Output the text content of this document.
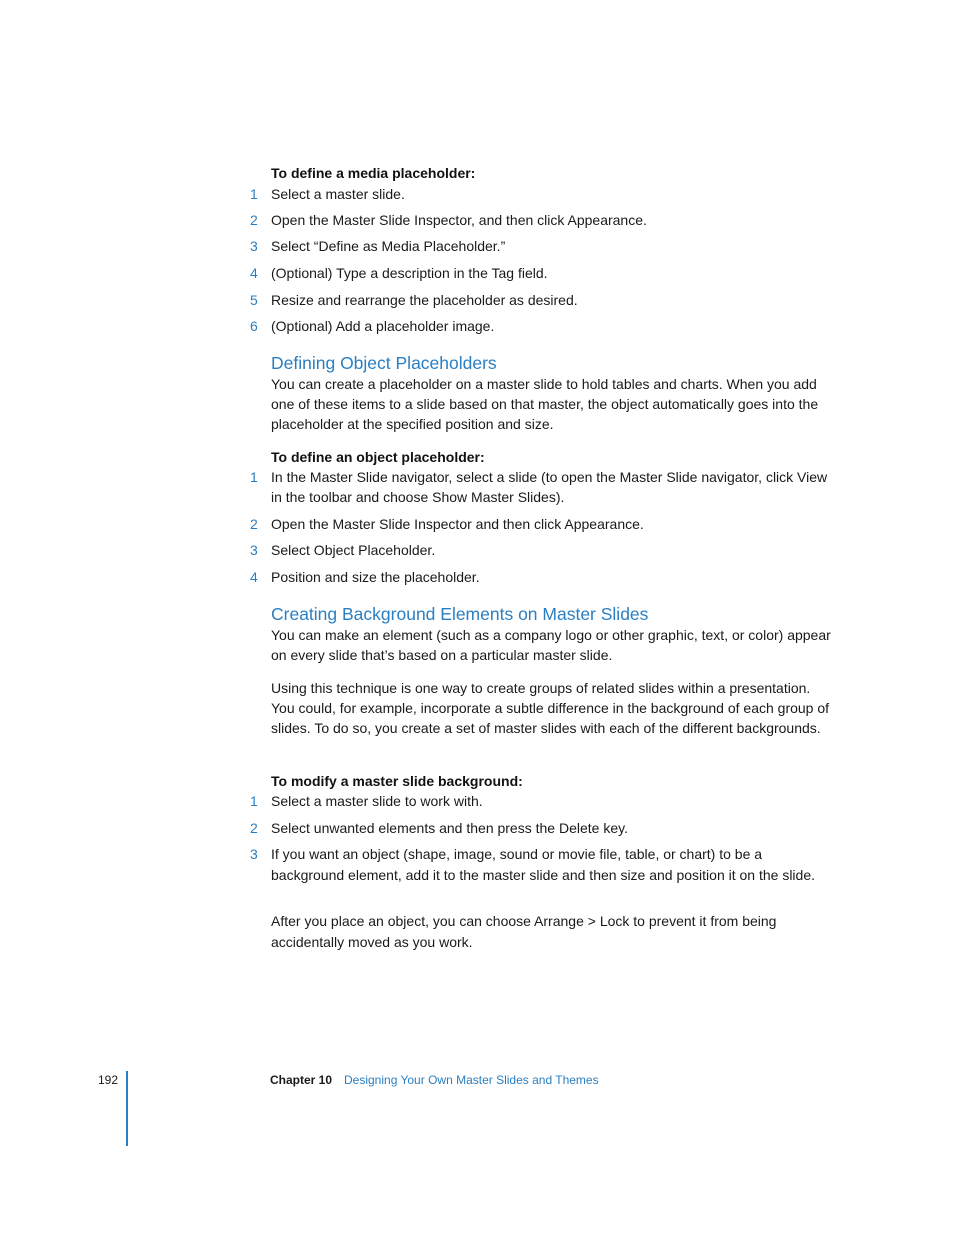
To define a media placeholder:
1 Select a master slide.
2 Open the Master Slide Inspector, and then click Appearance.
3 Select “Define as Media Placeholder.”
4 (Optional) Type a description in the Tag field.
5 Resize and rearrange the placeholder as desired.
6 (Optional) Add a placeholder image.
Defining Object Placeholders
You can create a placeholder on a master slide to hold tables and charts. When you add one of these items to a slide based on that master, the object automatically goes into the placeholder at the specified position and size.
To define an object placeholder:
1 In the Master Slide navigator, select a slide (to open the Master Slide navigator, click View in the toolbar and choose Show Master Slides).
2 Open the Master Slide Inspector and then click Appearance.
3 Select Object Placeholder.
4 Position and size the placeholder.
Creating Background Elements on Master Slides
You can make an element (such as a company logo or other graphic, text, or color) appear on every slide that’s based on a particular master slide.
Using this technique is one way to create groups of related slides within a presentation. You could, for example, incorporate a subtle difference in the background of each group of slides. To do so, you create a set of master slides with each of the different backgrounds.
To modify a master slide background:
1 Select a master slide to work with.
2 Select unwanted elements and then press the Delete key.
3 If you want an object (shape, image, sound or movie file, table, or chart) to be a background element, add it to the master slide and then size and position it on the slide.
After you place an object, you can choose Arrange > Lock to prevent it from being accidentally moved as you work.
192	Chapter 10 Designing Your Own Master Slides and Themes
